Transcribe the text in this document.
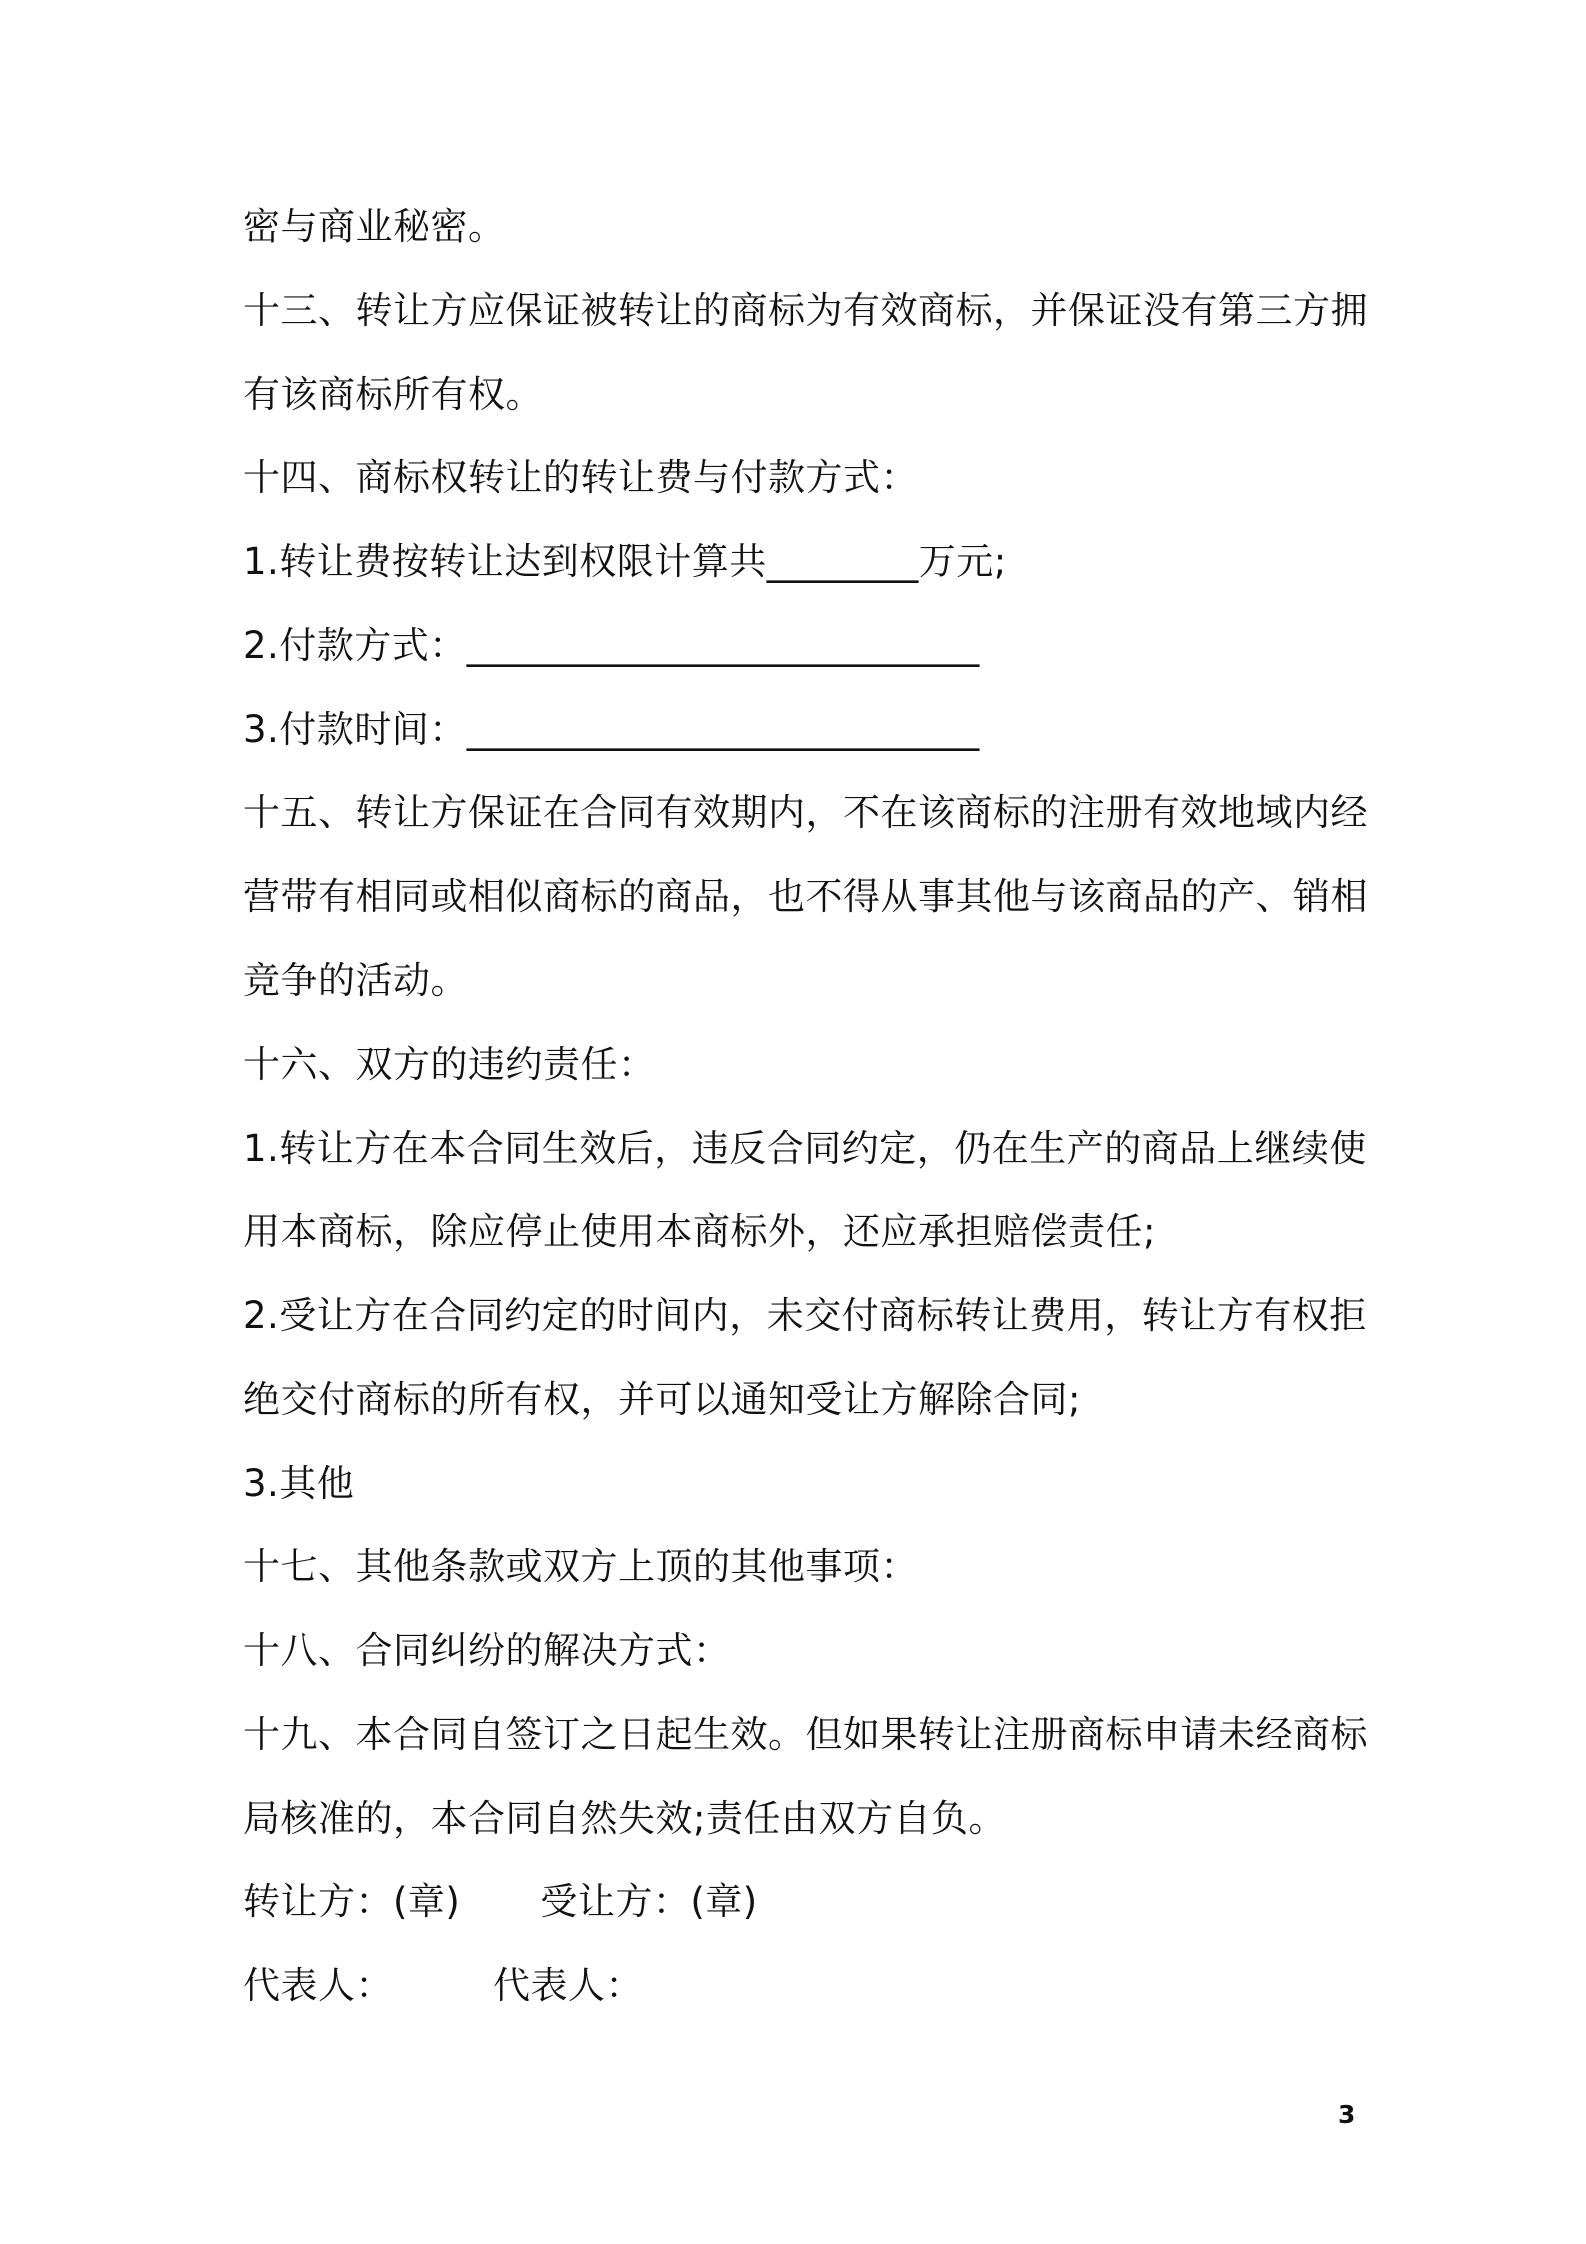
密与商业秘密。
十三、转让方应保证被转让的商标为有效商标，并保证没有第三方拥
有该商标所有权。
十四、商标权转让的转让费与付款方式：
1.转让费按转让达到权限计算共________万元;
2.付款方式：___________________________
3.付款时间：___________________________
十五、转让方保证在合同有效期内，不在该商标的注册有效地域内经
营带有相同或相似商标的商品，也不得从事其他与该商品的产、销相
竞争的活动。
十六、双方的违约责任：
1.转让方在本合同生效后，违反合同约定，仍在生产的商品上继续使
用本商标，除应停止使用本商标外，还应承担赔偿责任;
2.受让方在合同约定的时间内，未交付商标转让费用，转让方有权拒
绝交付商标的所有权，并可以通知受让方解除合同;
3.其他
十七、其他条款或双方上顶的其他事项：
十八、合同纠纷的解决方式：
十九、本合同自签订之日起生效。但如果转让注册商标申请未经商标
局核准的，本合同自然失效;责任由双方自负。
转让方：(章) 受让方：(章)
代表人：	代表人：
3
